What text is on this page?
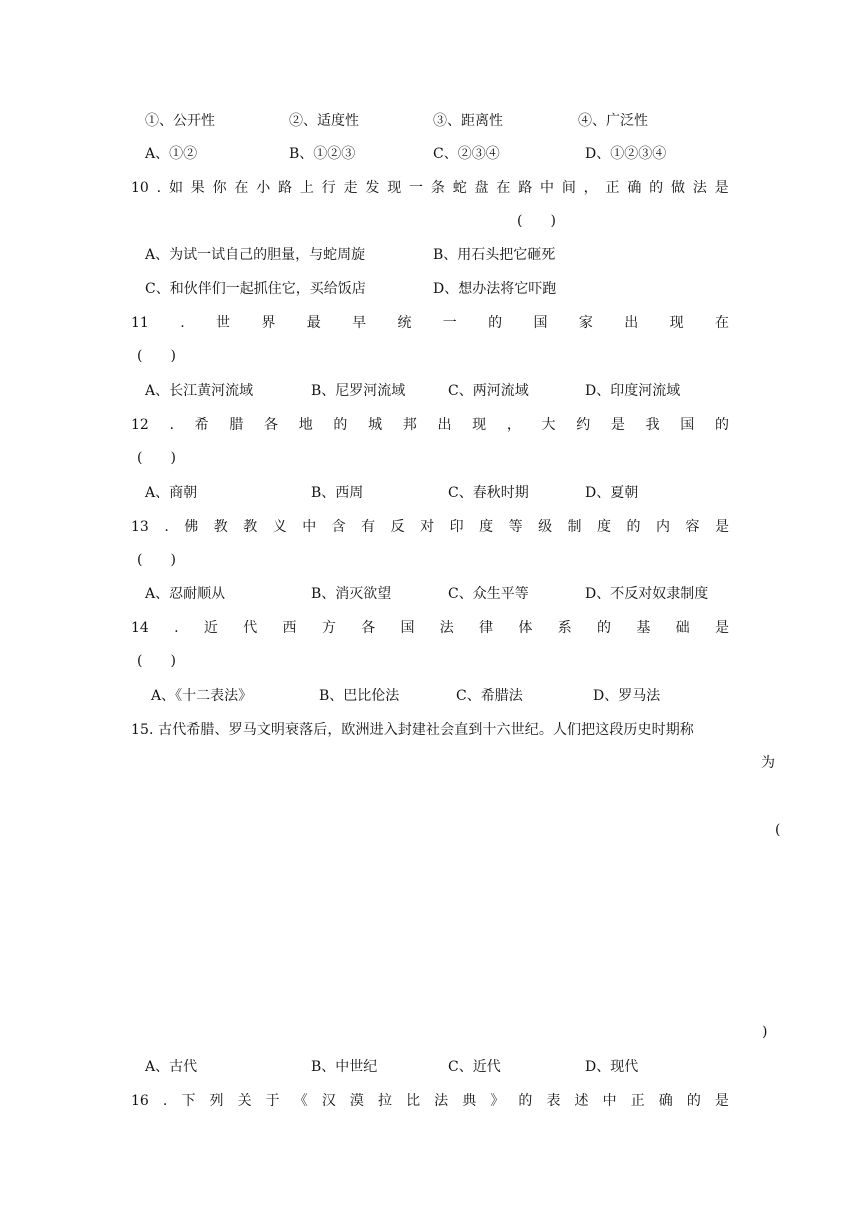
①、公开性	②、适度性	③、距离性	④、广泛性
A、①②	B、①②③	C、②③④	D、①②③④
10 . 如 果 你 在 小 路 上 行 走 发 现 一 条 蛇 盘 在 路 中 间 ， 正 确 的 做 法 是
(　　)
A、为试一试自己的胆量，与蛇周旋	B、用石头把它砸死
C、和伙伴们一起抓住它，买给饭店	D、想办法将它吓跑
11 . 世 界 最 早 统 一 的 国 家 出 现 在
(　　)
A、长江黄河流域	B、尼罗河流域	C、两河流域	D、印度河流域
12 . 希 腊 各 地 的 城 邦 出 现 ， 大 约 是 我 国 的
(　　)
A、商朝	B、西周	C、春秋时期	D、夏朝
13 . 佛 教 教 义 中 含 有 反 对 印 度 等 级 制 度 的 内 容 是
(　　)
A、忍耐顺从	B、消灭欲望	C、众生平等	D、不反对奴隶制度
14 . 近 代 西 方 各 国 法 律 体 系 的 基 础 是
(　　)
A、《十二表法》	B、巴比伦法	C、希腊法	D、罗马法
15. 古代希腊、罗马文明衰落后，欧洲进入封建社会直到十六世纪。人们把这段历史时期称
为
(
)
A、古代	B、中世纪	C、近代	D、现代
16 . 下 列 关 于 《 汉 漠 拉 比 法 典 》 的 表 述 中 正 确 的 是
